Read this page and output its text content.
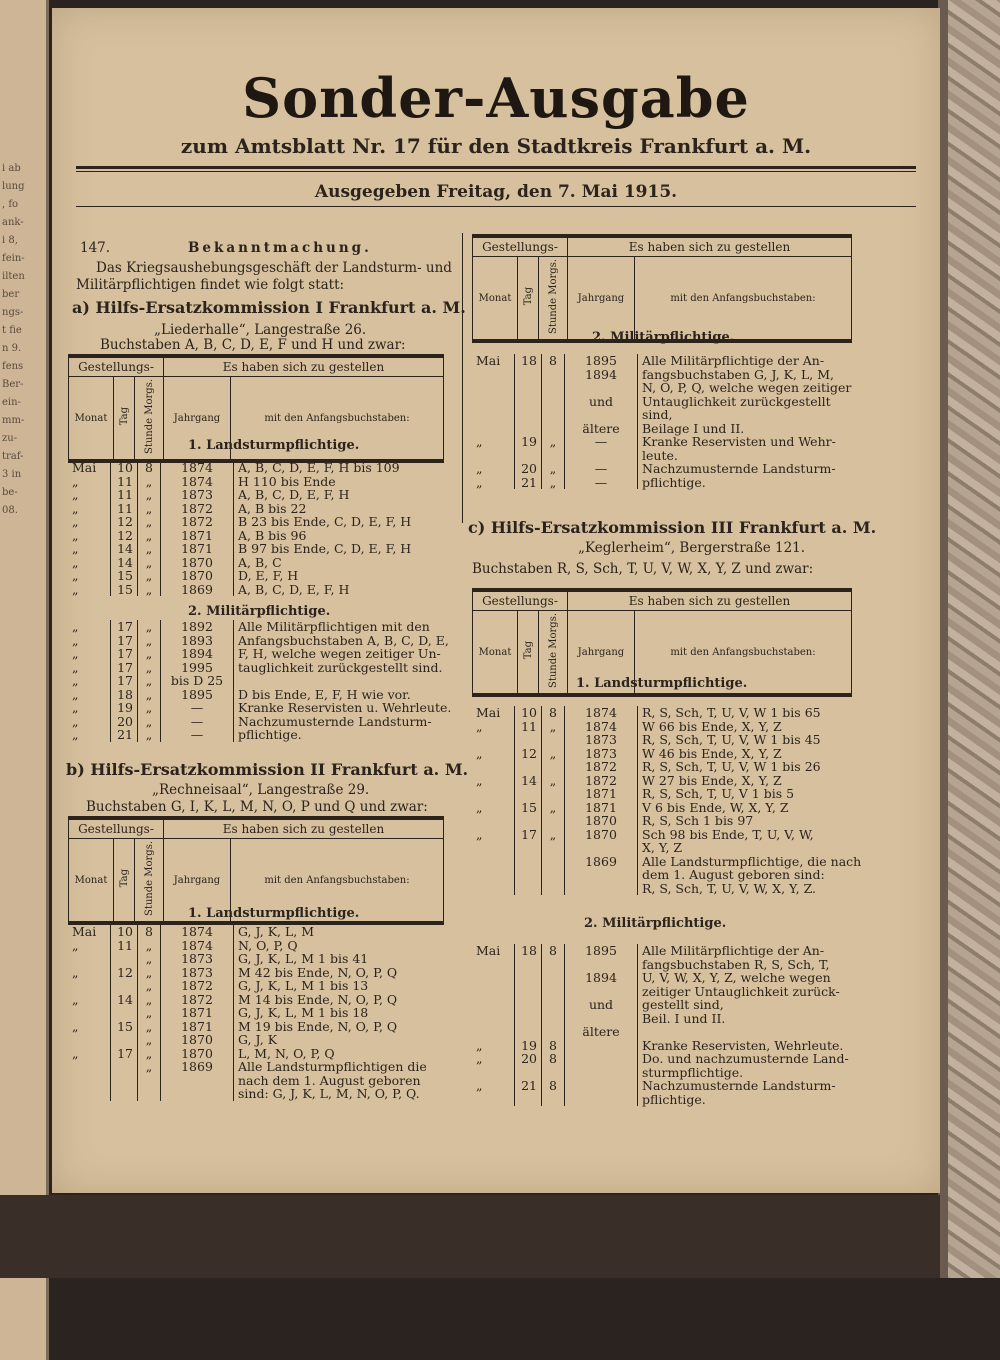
i ab
lung
, fo
ank-
i 8,
fein-
ilten
ber
ngs-
t fie
n 9.
fens
Ber-
ein-
mm-
zu-
traf-
3 in
be-
08.
Sonder-Ausgabe
zum Amtsblatt Nr. 17 für den Stadtkreis Frankfurt a. M.
Ausgegeben Freitag, den 7. Mai 1915.
147.	Bekanntmachung.
Das Kriegsaushebungsgeschäft der Landsturm- und
Militärpflichtigen findet wie folgt statt:
a) Hilfs-Ersatzkommission I Frankfurt a. M.
„Liederhalle“, Langestraße 26.
Buchstaben A, B, C, D, E, F und H und zwar:
Gestellungs-			Es haben sich zu gestellen	
Monat	Tag	Stunde Morgs.	Jahrgang	mit den Anfangsbuchstaben:
1. Landsturmpflichtige.
Mai	10	8	1874	A, B, C, D, E, F, H bis 109
„	11	„	1874	H 110 bis Ende
„	11	„	1873	A, B, C, D, E, F, H
„	11	„	1872	A, B bis 22
„	12	„	1872	B 23 bis Ende, C, D, E, F, H
„	12	„	1871	A, B bis 96
„	14	„	1871	B 97 bis Ende, C, D, E, F, H
„	14	„	1870	A, B, C
„	15	„	1870	D, E, F, H
„	15	„	1869	A, B, C, D, E, F, H
2. Militärpflichtige.
„	17	„	1892	Alle Militärpflichtigen mit den
„	17	„	1893	Anfangsbuchstaben A, B, C, D, E,
„	17	„	1894	F, H, welche wegen zeitiger Un-
„	17	„	1995	tauglichkeit zurückgestellt sind.
„	17	„	bis D 25	
„	18	„	1895	D bis Ende, E, F, H wie vor.
„	19	„	—	Kranke Reservisten u. Wehrleute.
„	20	„	—	Nachzumusternde Landsturm-
„	21	„	—	pflichtige.
b) Hilfs-Ersatzkommission II Frankfurt a. M.
„Rechneisaal“, Langestraße 29.
Buchstaben G, I, K, L, M, N, O, P und Q und zwar:
Gestellungs-			Es haben sich zu gestellen	
Monat	Tag	Stunde Morgs.	Jahrgang	mit den Anfangsbuchstaben:
1. Landsturmpflichtige.
Mai	10	8	1874	G, J, K, L, M
„	11	„	1874	N, O, P, Q
		„	1873	G, J, K, L, M 1 bis 41
„	12	„	1873	M 42 bis Ende, N, O, P, Q
		„	1872	G, J, K, L, M 1 bis 13
„	14	„	1872	M 14 bis Ende, N, O, P, Q
		„	1871	G, J, K, L, M 1 bis 18
„	15	„	1871	M 19 bis Ende, N, O, P, Q
		„	1870	G, J, K
„	17	„	1870	L, M, N, O, P, Q
		„	1869	Alle Landsturmpflichtigen die
				nach dem 1. August geboren
				sind: G, J, K, L, M, N, O, P, Q.
Gestellungs-			Es haben sich zu gestellen	
Monat	Tag	Stunde Morgs.	Jahrgang	mit den Anfangsbuchstaben:
2. Militärpflichtige.
Mai	18	8	1895	Alle Militärpflichtige der An-
			1894	fangsbuchstaben G, J, K, L, M,
				N, O, P, Q, welche wegen zeitiger
			und	Untauglichkeit zurückgestellt
				sind,
			ältere	Beilage I und II.
„	19	„	—	Kranke Reservisten und Wehr-
				leute.
„	20	„	—	Nachzumusternde Landsturm-
„	21	„	—	pflichtige.
c) Hilfs-Ersatzkommission III Frankfurt a. M.
„Keglerheim“, Bergerstraße 121.
Buchstaben R, S, Sch, T, U, V, W, X, Y, Z und zwar:
Gestellungs-			Es haben sich zu gestellen	
Monat	Tag	Stunde Morgs.	Jahrgang	mit den Anfangsbuchstaben:
1. Landsturmpflichtige.
Mai	10	8	1874	R, S, Sch, T, U, V, W 1 bis 65
„	11	„	1874	W 66 bis Ende, X, Y, Z
			1873	R, S, Sch, T, U, V, W 1 bis 45
„	12	„	1873	W 46 bis Ende, X, Y, Z
			1872	R, S, Sch, T, U, V, W 1 bis 26
„	14	„	1872	W 27 bis Ende, X, Y, Z
			1871	R, S, Sch, T, U, V 1 bis 5
„	15	„	1871	V 6 bis Ende, W, X, Y, Z
			1870	R, S, Sch 1 bis 97
„	17	„	1870	Sch 98 bis Ende, T, U, V, W,
				X, Y, Z
			1869	Alle Landsturmpflichtige, die nach
				dem 1. August geboren sind:
				R, S, Sch, T, U, V, W, X, Y, Z.
2. Militärpflichtige.
Mai	18	8	1895	Alle Militärpflichtige der An-
				fangsbuchstaben R, S, Sch, T,
			1894	U, V, W, X, Y, Z, welche wegen
				zeitiger Untauglichkeit zurück-
			und	gestellt sind,
				Beil. I und II.
			ältere	
„	19	8		Kranke Reservisten, Wehrleute.
„	20	8		Do. und nachzumusternde Land-
				sturmpflichtige.
„	21	8		Nachzumusternde Landsturm-
				pflichtige.
